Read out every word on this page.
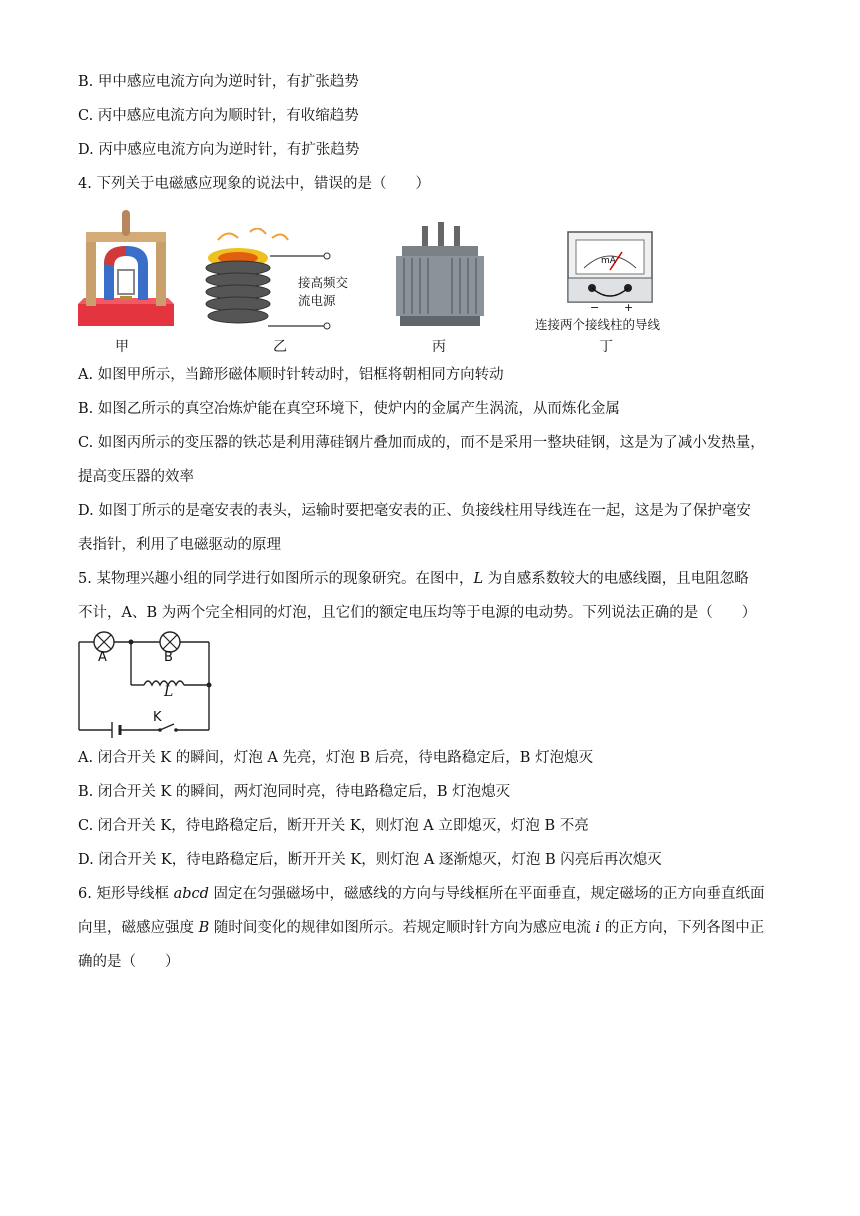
B. 甲中感应电流方向为逆时针，有扩张趋势
C. 丙中感应电流方向为顺时针，有收缩趋势
D. 丙中感应电流方向为逆时针，有扩张趋势
4. 下列关于电磁感应现象的说法中，错误的是（　　）
甲
接高频交
流电源
乙	丙
mA
− +
连接两个接线柱的导线
丁
A. 如图甲所示，当蹄形磁体顺时针转动时，铝框将朝相同方向转动
B. 如图乙所示的真空冶炼炉能在真空环境下，使炉内的金属产生涡流，从而炼化金属
C. 如图丙所示的变压器的铁芯是利用薄硅钢片叠加而成的，而不是采用一整块硅钢，这是为了减小发热量，
提高变压器的效率
D. 如图丁所示的是毫安表的表头，运输时要把毫安表的正、负接线柱用导线连在一起，这是为了保护毫安
表指针，利用了电磁驱动的原理
5. 某物理兴趣小组的同学进行如图所示的现象研究。在图中，L 为自感系数较大的电感线圈，且电阻忽略
不计，A、B 为两个完全相同的灯泡，且它们的额定电压均等于电源的电动势。下列说法正确的是（　　）
A	B
L
K
A. 闭合开关 K 的瞬间，灯泡 A 先亮，灯泡 B 后亮，待电路稳定后，B 灯泡熄灭
B. 闭合开关 K 的瞬间，两灯泡同时亮，待电路稳定后，B 灯泡熄灭
C. 闭合开关 K，待电路稳定后，断开开关 K，则灯泡 A 立即熄灭，灯泡 B 不亮
D. 闭合开关 K，待电路稳定后，断开开关 K，则灯泡 A 逐渐熄灭，灯泡 B 闪亮后再次熄灭
6. 矩形导线框 abcd 固定在匀强磁场中，磁感线的方向与导线框所在平面垂直，规定磁场的正方向垂直纸面
向里，磁感应强度 B 随时间变化的规律如图所示。若规定顺时针方向为感应电流 i 的正方向，下列各图中正
确的是（　　）
